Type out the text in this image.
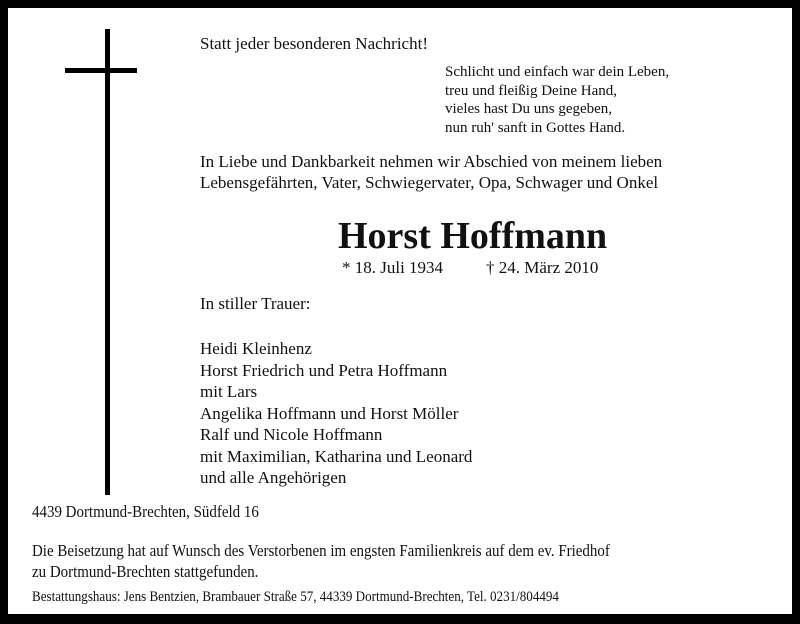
Statt jeder besonderen Nachricht!
Schlicht und einfach war dein Leben,
treu und fleißig Deine Hand,
vieles hast Du uns gegeben,
nun ruh' sanft in Gottes Hand.
In Liebe und Dankbarkeit nehmen wir Abschied von meinem lieben
Lebensgefährten, Vater, Schwiegervater, Opa, Schwager und Onkel
Horst Hoffmann
* 18. Juli 1934	† 24. März 2010
In stiller Trauer:
Heidi Kleinhenz
Horst Friedrich und Petra Hoffmann
mit Lars
Angelika Hoffmann und Horst Möller
Ralf und Nicole Hoffmann
mit Maximilian, Katharina und Leonard
und alle Angehörigen
4439 Dortmund-Brechten, Südfeld 16
Die Beisetzung hat auf Wunsch des Verstorbenen im engsten Familienkreis auf dem ev. Friedhof
zu Dortmund-Brechten stattgefunden.
Bestattungshaus: Jens Bentzien, Brambauer Straße 57, 44339 Dortmund-Brechten, Tel. 0231/804494
